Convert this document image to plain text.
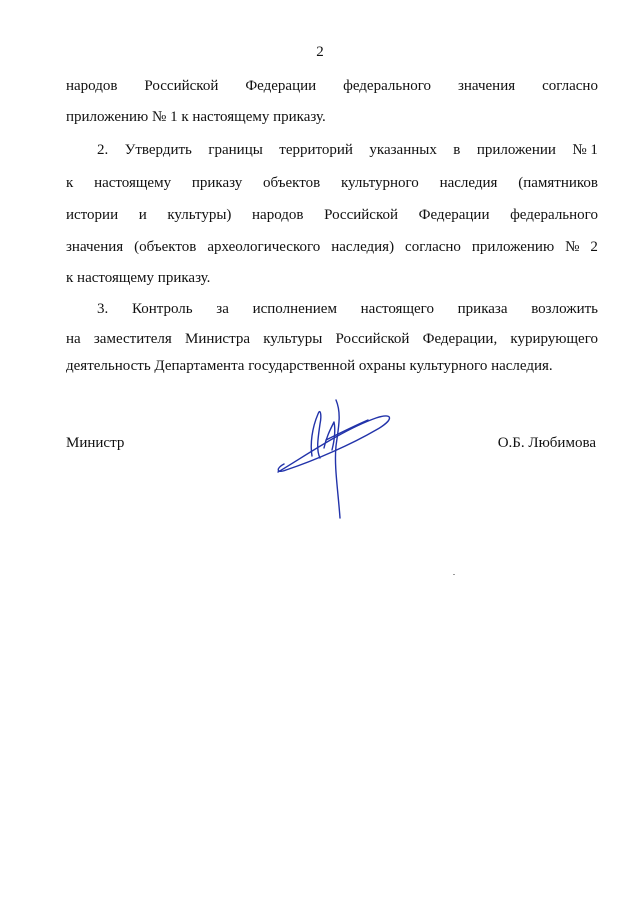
2
народов Российской Федерации федерального значения согласно
приложению № 1 к настоящему приказу.
2. Утвердить границы территорий указанных в приложении № 1
к настоящему приказу объектов культурного наследия (памятников
истории и культуры) народов Российской Федерации федерального
значения (объектов археологического наследия) согласно приложению № 2
к настоящему приказу.
3. Контроль за исполнением настоящего приказа возложить
на заместителя Министра культуры Российской Федерации, курирующего
деятельность Департамента государственной охраны культурного наследия.
Министр	О.Б. Любимова
